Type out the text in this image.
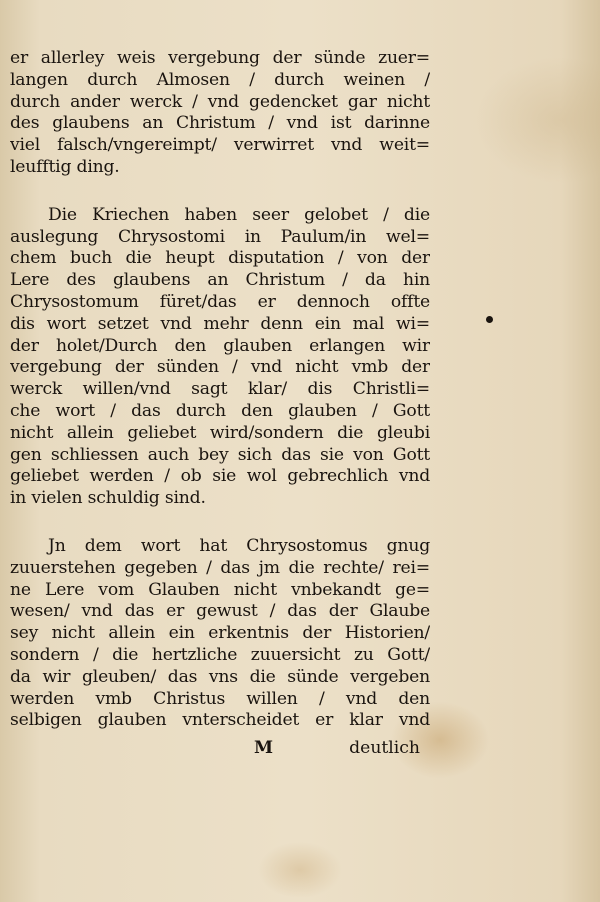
er allerley weis vergebung der sünde zuer=
langen durch Almosen / durch weinen /
durch ander werck / vnd gedencket gar nicht
des glaubens an Christum / vnd ist darinne
viel falsch/vngereimpt/ verwirret vnd weit=
leufftig ding.
Die Kriechen haben seer gelobet / die
auslegung Chrysostomi in Paulum/in wel=
chem buch die heupt disputation / von der
Lere des glaubens an Christum / da hin
Chrysostomum füret/das er dennoch offte
dis wort setzet vnd mehr denn ein mal wi=
der holet/Durch den glauben erlangen wir
vergebung der sünden / vnd nicht vmb der
werck willen/vnd sagt klar/ dis Christli=
che wort / das durch den glauben / Gott
nicht allein geliebet wird/sondern die gleubi
gen schliessen auch bey sich das sie von Gott
geliebet werden / ob sie wol gebrechlich vnd
in vielen schuldig sind.
Jn dem wort hat Chrysostomus gnug
zuuerstehen gegeben / das jm die rechte/ rei=
ne Lere vom Glauben nicht vnbekandt ge=
wesen/ vnd das er gewust / das der Glaube
sey nicht allein ein erkentnis der Historien/
sondern / die hertzliche zuuersicht zu Gott/
da wir gleuben/ das vns die sünde vergeben
werden vmb Christus willen / vnd den
selbigen glauben vnterscheidet er klar vnd
M	deutlich
